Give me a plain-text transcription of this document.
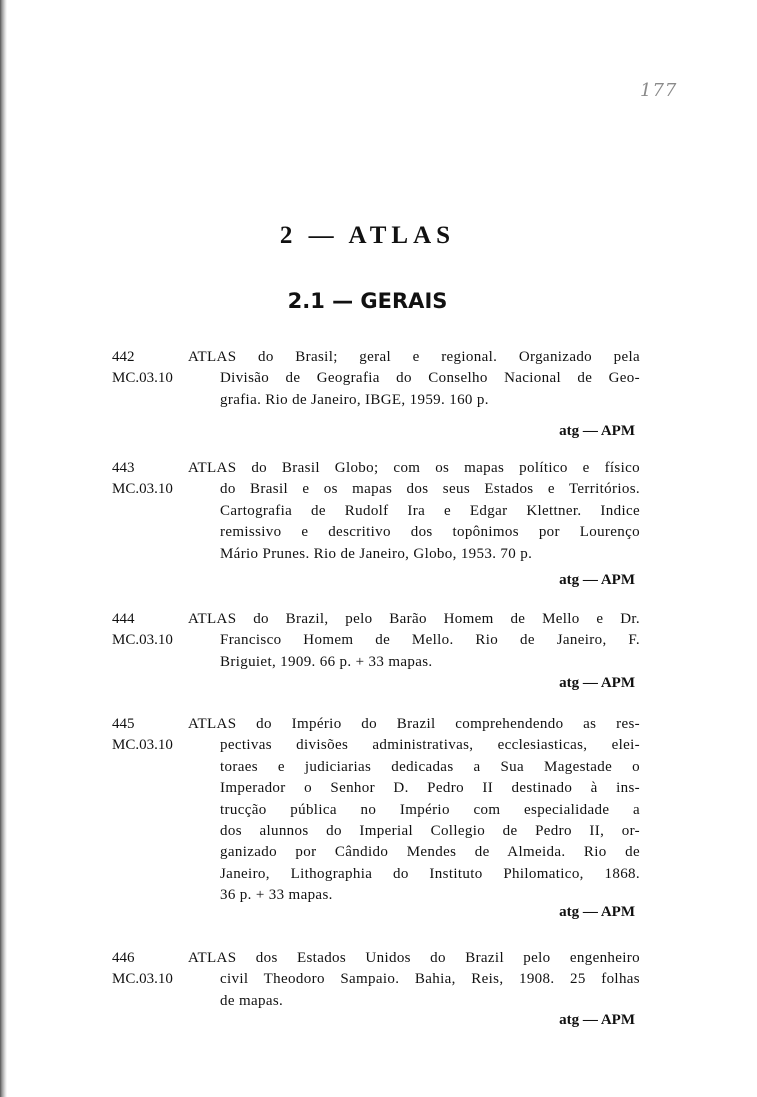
177
2 — ATLAS
2.1 — GERAIS
442
MC.03.10
ATLAS do Brasil; geral e regional. Organizado pela
Divisão de Geografia do Conselho Nacional de Geo-
grafia. Rio de Janeiro, IBGE, 1959. 160 p.
atg — APM
443
MC.03.10
ATLAS do Brasil Globo; com os mapas político e físico
do Brasil e os mapas dos seus Estados e Territórios.
Cartografia de Rudolf Ira e Edgar Klettner. Indice
remissivo e descritivo dos topônimos por Lourenço
Mário Prunes. Rio de Janeiro, Globo, 1953. 70 p.
atg — APM
444
MC.03.10
ATLAS do Brazil, pelo Barão Homem de Mello e Dr.
Francisco Homem de Mello. Rio de Janeiro, F.
Briguiet, 1909. 66 p. + 33 mapas.
atg — APM
445
MC.03.10
ATLAS do Império do Brazil comprehendendo as res-
pectivas divisões administrativas, ecclesiasticas, elei-
toraes e judiciarias dedicadas a Sua Magestade o
Imperador o Senhor D. Pedro II destinado à ins-
trucção pública no Império com especialidade a
dos alunnos do Imperial Collegio de Pedro II, or-
ganizado por Cândido Mendes de Almeida. Rio de
Janeiro, Lithographia do Instituto Philomatico, 1868.
36 p. + 33 mapas.
atg — APM
446
MC.03.10
ATLAS dos Estados Unidos do Brazil pelo engenheiro
civil Theodoro Sampaio. Bahia, Reis, 1908. 25 folhas
de mapas.
atg — APM
